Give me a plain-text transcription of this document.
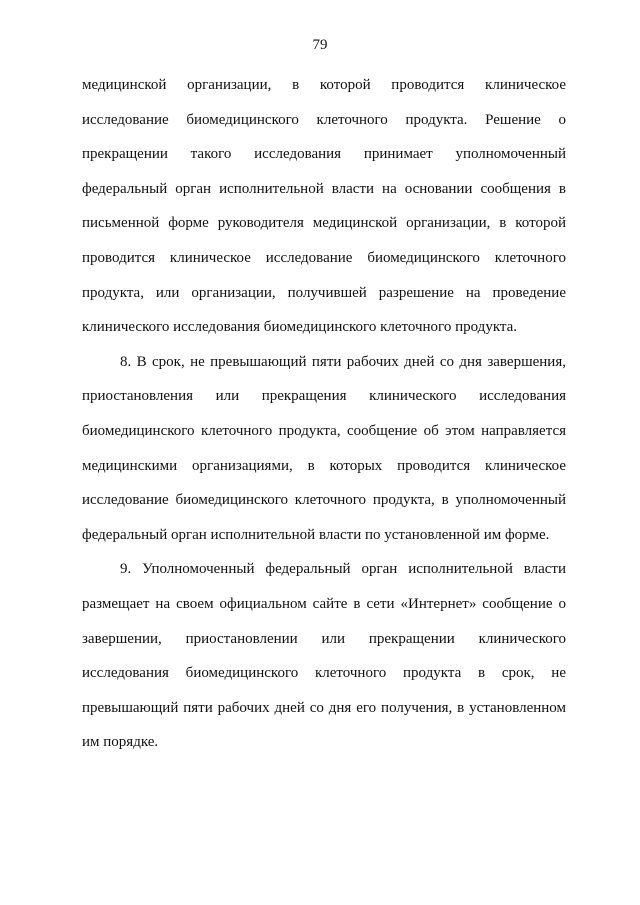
79
медицинской организации, в которой проводится клиническое
исследование биомедицинского клеточного продукта. Решение о
прекращении такого исследования принимает уполномоченный
федеральный орган исполнительной власти на основании сообщения в
письменной форме руководителя медицинской организации, в которой
проводится клиническое исследование биомедицинского клеточного
продукта, или организации, получившей разрешение на проведение
клинического исследования биомедицинского клеточного продукта.
8. В срок, не превышающий пяти рабочих дней со дня завершения,
приостановления или прекращения клинического исследования
биомедицинского клеточного продукта, сообщение об этом направляется
медицинскими организациями, в которых проводится клиническое
исследование биомедицинского клеточного продукта, в уполномоченный
федеральный орган исполнительной власти по установленной им форме.
9. Уполномоченный федеральный орган исполнительной власти
размещает на своем официальном сайте в сети «Интернет» сообщение о
завершении, приостановлении или прекращении клинического
исследования биомедицинского клеточного продукта в срок, не
превышающий пяти рабочих дней со дня его получения, в установленном
им порядке.
